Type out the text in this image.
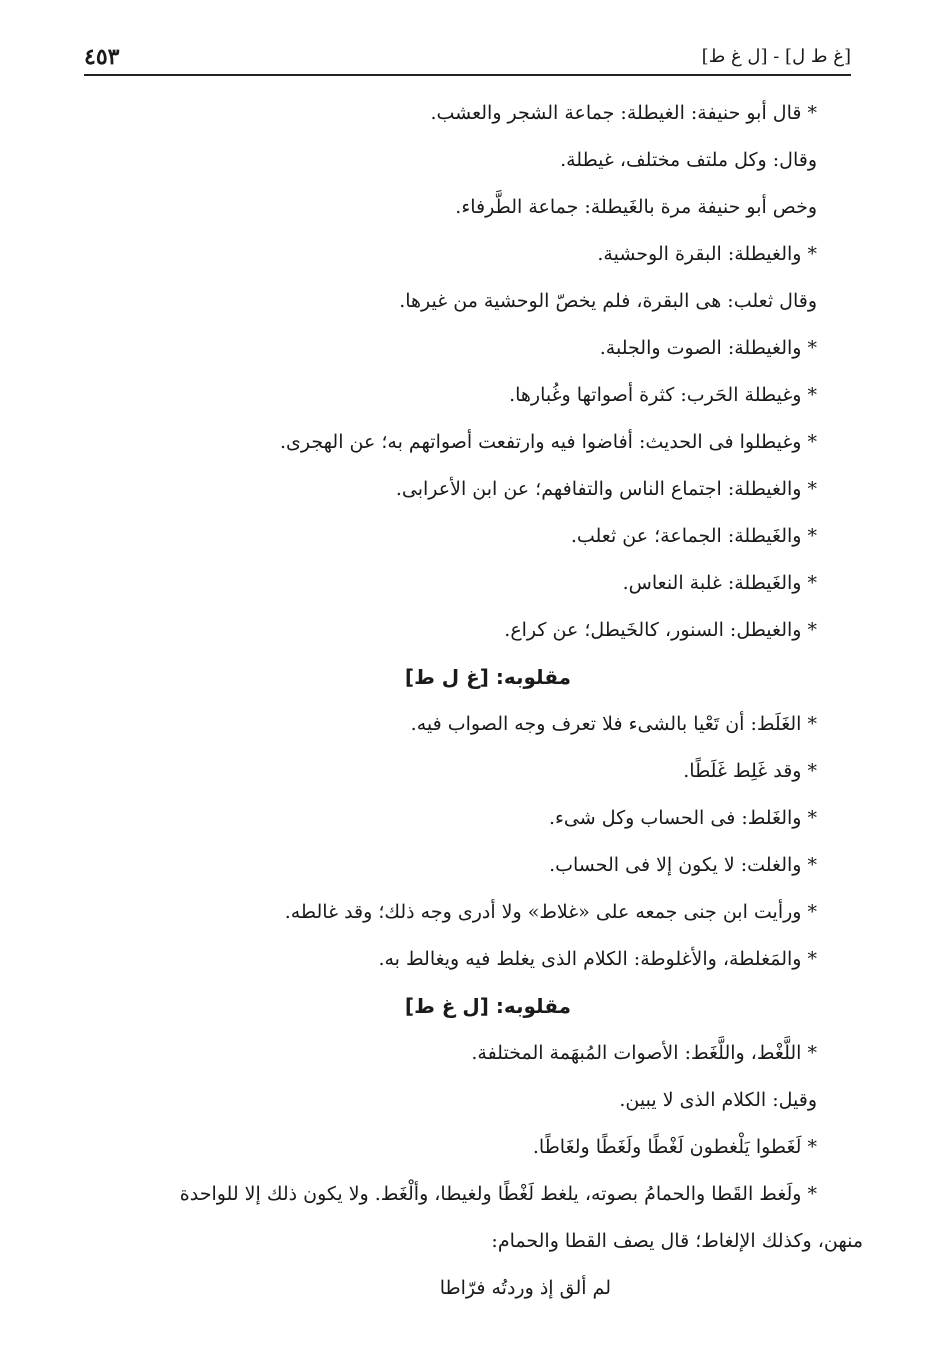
[غ ط ل] - [ل غ ط]
٤٥٣
* قال أبو حنيفة: الغيطلة: جماعة الشجر والعشب.
وقال: وكل ملتف مختلف، غيطلة.
وخص أبو حنيفة مرة بالغَيطلة: جماعة الطَّرفاء.
* والغيطلة: البقرة الوحشية.
وقال ثعلب: هى البقرة، فلم يخصّ الوحشية من غيرها.
* والغيطلة: الصوت والجلبة.
* وغيطلة الحَرب: كثرة أصواتها وغُبارها.
* وغيطلوا فى الحديث: أفاضوا فيه وارتفعت أصواتهم به؛ عن الهجرى.
* والغيطلة: اجتماع الناس والتفافهم؛ عن ابن الأعرابى.
* والغَيطلة: الجماعة؛ عن ثعلب.
* والغَيطلة: غلبة النعاس.
* والغيطل: السنور، كالخَيطل؛ عن كراع.
مقلوبه: [غ ل ط]
* الغَلَط: أن تَعْيا بالشىء فلا تعرف وجه الصواب فيه.
* وقد غَلِط غَلَطًا.
* والغَلط: فى الحساب وكل شىء.
* والغلت: لا يكون إلا فى الحساب.
* ورأيت ابن جنى جمعه على «غلاط» ولا أدرى وجه ذلك؛ وقد غالطه.
* والمَغلطة، والأغلوطة: الكلام الذى يغلط فيه ويغالط به.
مقلوبه: [ل غ ط]
* اللَّغْط، واللَّغَط: الأصوات المُبهَمة المختلفة.
وقيل: الكلام الذى لا يبين.
* لَغَطوا يَلْغطون لَغْطًا ولَغَطًا ولغَاطًا.
* ولَغط القَطا والحمامُ بصوته، يلغط لَغْطًا ولغيطا، وألْغَط. ولا يكون ذلك إلا للواحدة
منهن، وكذلك الإلغاط؛ قال يصف القطا والحمام:
لم ألق إذ وردتُه فرّاطا
